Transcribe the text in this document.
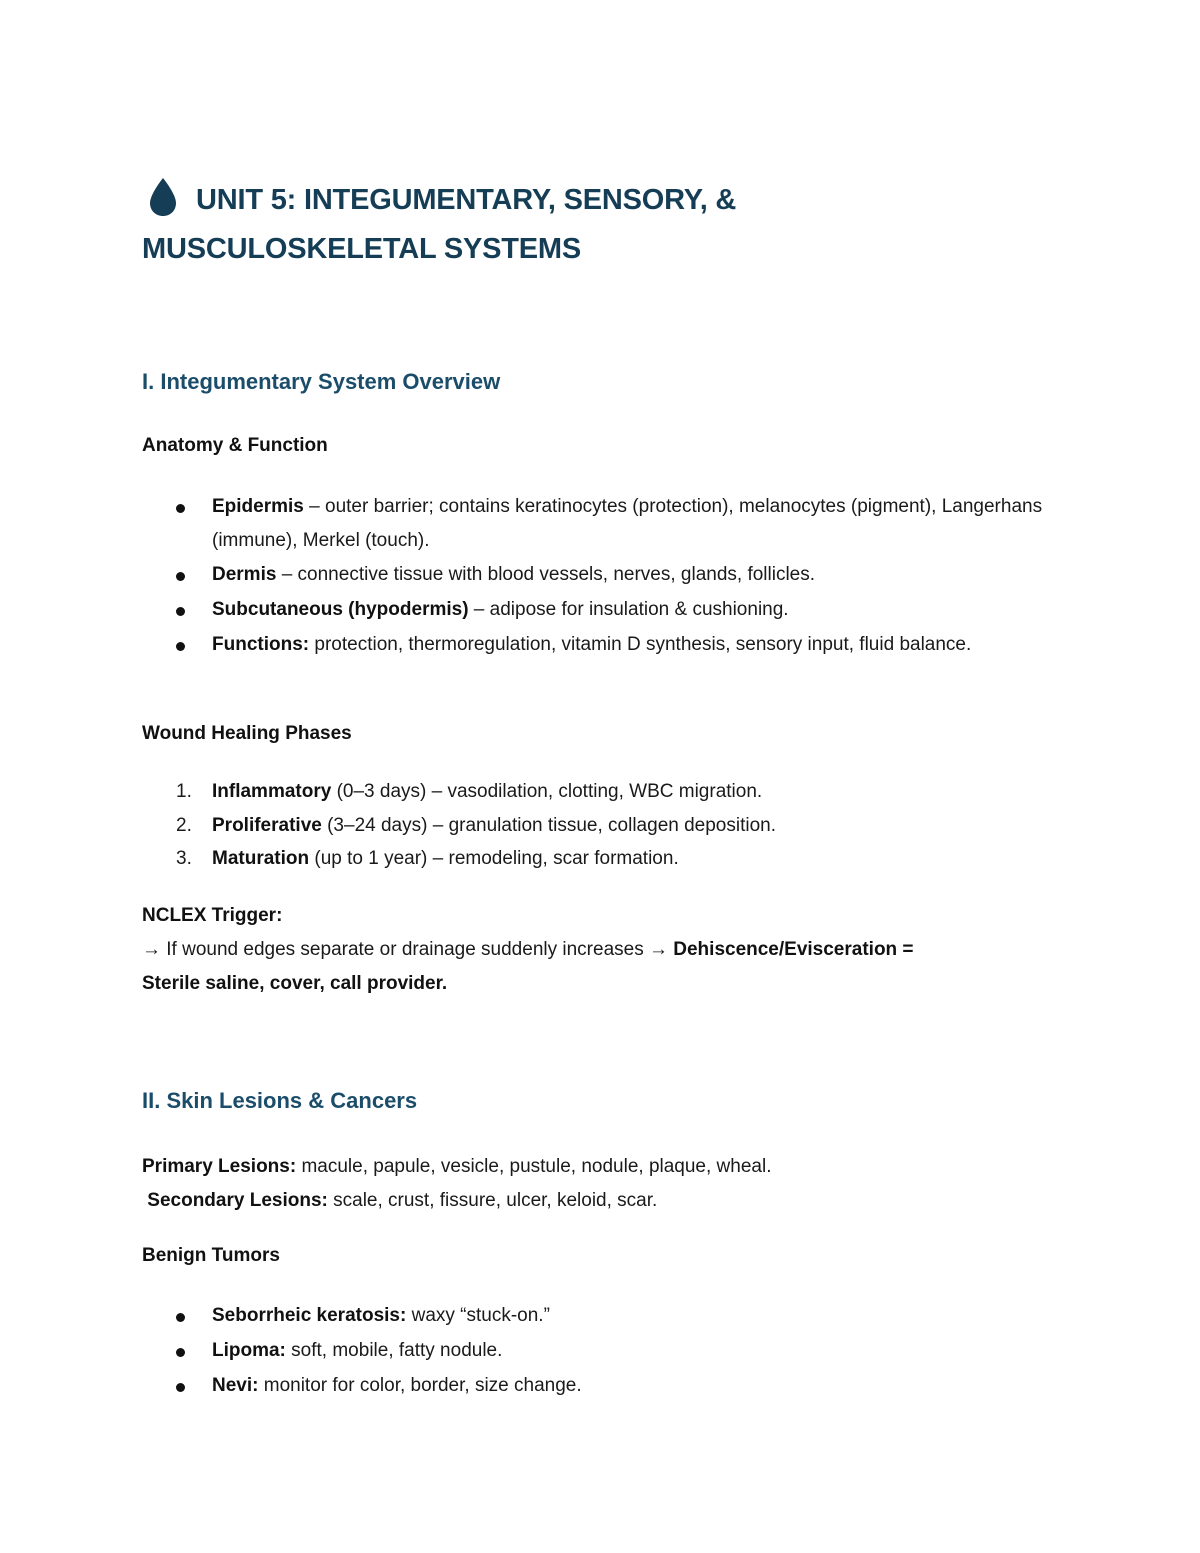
UNIT 5: INTEGUMENTARY, SENSORY, &
MUSCULOSKELETAL SYSTEMS
I. Integumentary System Overview
Anatomy & Function
Epidermis – outer barrier; contains keratinocytes (protection), melanocytes (pigment), Langerhans (immune), Merkel (touch).
Dermis – connective tissue with blood vessels, nerves, glands, follicles.
Subcutaneous (hypodermis) – adipose for insulation & cushioning.
Functions: protection, thermoregulation, vitamin D synthesis, sensory input, fluid balance.
Wound Healing Phases
1. Inflammatory (0–3 days) – vasodilation, clotting, WBC migration.
2. Proliferative (3–24 days) – granulation tissue, collagen deposition.
3. Maturation (up to 1 year) – remodeling, scar formation.
NCLEX Trigger:
→ If wound edges separate or drainage suddenly increases → Dehiscence/Evisceration =
Sterile saline, cover, call provider.
II. Skin Lesions & Cancers
Primary Lesions: macule, papule, vesicle, pustule, nodule, plaque, wheal.
Secondary Lesions: scale, crust, fissure, ulcer, keloid, scar.
Benign Tumors
Seborrheic keratosis: waxy “stuck-on.”
Lipoma: soft, mobile, fatty nodule.
Nevi: monitor for color, border, size change.
